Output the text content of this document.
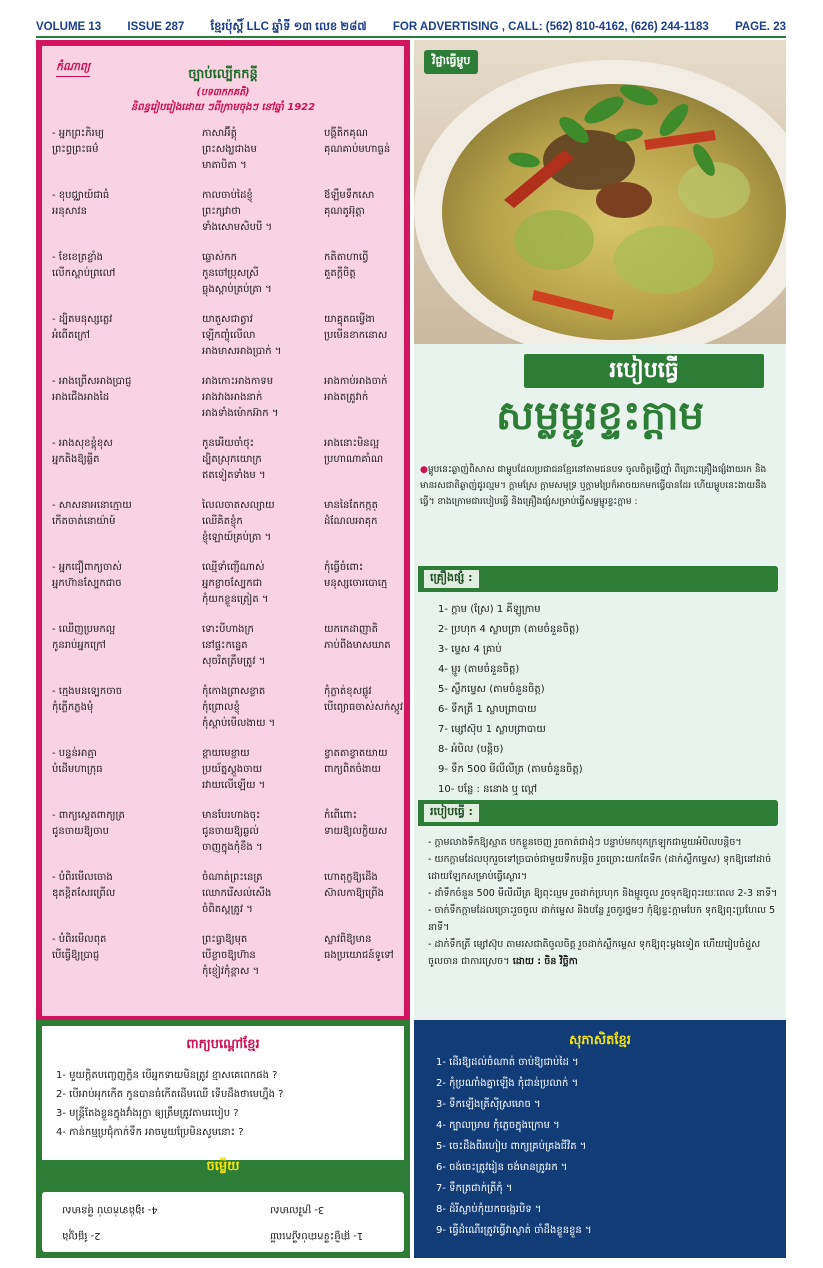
VOLUME 13 ISSUE 287 ខ្មែរប៉ុស្ដិ៍ LLC ឆ្នាំទី ១៣ លេខ ២៨៧ FOR ADVERTISING , CALL: (562) 810-4162, (626) 244-1183 PAGE. 23
កំណាព្យ
ច្បាប់ល្បើកកន្តី
(បទ៣កកគតិ)
និពន្ធរៀបរៀងដោយ ៗពីក្រាមចុងៗ នៅឆ្នាំ 1922
- អ្នកព្រះភិរម្យ
ព្រះព្ធព្រះធម៌
ភាសាអ៊ីត្តុំ
ព្រះសង្ឃជាងម
មាតាបិតា ។
បង្គីតិកគុណ
គុណគាប់មហាធ្ងន់
- ខុបជ្ឈាយ៍ជាធំ
អនុសាវន
កាលចាប់ដៃខ្ញុំ
ព្រះក្សវាថា
ទាំងសោមសិបបី ។
ឪឡឹមទឹកសោ
គុណតូអ៊ុត្តា
- ខែខេត្រខ្លាំង
លើកស្ពាប់ព្រលៅ
ឆ្លោស់កក
កូនចៅប្រុសស្រី
ធ្លុងស្តាប់ត្រប់ត្រា ។
កតិតាហាព្វើ
តួតក្តីចិត្ត
- ដ្បិតមនុស្សត្លេវ
អំពើតក្រៅ
យាតួសជាត្វាវ
ឡើកញ្ចុំលើលា
អាងមាសអាងប្រាក់ ។
យាគ្នុតធម្វើងា
ប្រមើនខាកនោស
- អាងព្រើសអាងប្រាជ្ញ
អាងជើងអាងដៃ
អាងកោះអាងកាទម
អាងវាងអាងនាក់
អាងទាំងម៉ោកអ៊ាក ។
អាងកាប់អាងចាក់
អាងតត្រូវាក់
- អាងសុខខ្ពុំខុស
អ្នកតិងឱ្យឆ្លីត
កូនអើយចាំថុះ
ដ្បិតស្រុកយោក្រ
ឥតទៀតទាំងម ។
អាងនោះមិនល្អ
ប្រហាណាគាំណ
- សាសនាអនោក្មោយ
កើតចាត់នោយ៉ាម៍
លៃលចាតសល្យាយ
ឈើគិតខ្ញុំក
ខ្ញុំឡោយ៍គ្រប់ត្រា ។
មាននៃតែកក្កត្
ដំណែលអាគុក
- អ្នកជឿពាក្យចាស់
អ្នកហ៊ានស្បែកជាច
ឈ្មើទាំញ្ជើណាស់
អ្នកខ្លាចស្បែកជា
កុំយកខ្លួនត្រៀត ។
កុំធ្វើចំពោះ
មនុស្សចោរបោក្មេ
- ឈើញប្រមកល្អ
កូនរាប់អ្នកក្រៅ
ទោះបីហាងក្រ
នៅផ្ទះកន្ទេត
សុចរិតត្រឹមត្រូវ ។
យកកេដាញាតិ
ភាប់ពីងមាសឃាត
- ក្មេងមនទ្បេកចាច
កុំភ្លើកភ្លងមុំ
កុំកោងព្រាសខ្លាត
កុំព្រោលខ្ញុំ
កុំស្តាប់មើលងាយ ។
កុំភ្លាត់ខុសផ្លូវ
បើព្យោធចាស់សក់ស្កូវ
- បន្ទន់អាត្មា
បំដើមហាក្រុធ
ខ្ពាយមេខ្ជាយ
ប្រយ័ត្នស្តួងចាយ
រវាយលើឡើយ ។
ខ្វាតតាខ្វាតយាយ
ពាក្យពិតចំងាយ
- ពាក្យស្លេតពាក្យត្រ
ជូនចាយឱ្យចាប
មានបែរហាងចុះ
ជូនចាយឱ្យឆ្ងល់
ចាញក្នុងកុំខឹង ។
កំពើពោះ
ទាយឱ្យលក្ខិយស
- បំពិរមើលចោង
ឌុតខ្ពិតសែរព្រើល
ចំណាត់ព្រះនេត្រ
ឈោករើសល់សើង
ចំពិតស្តត្រូវ ។
ហោតុក្ខឱ្យដើង
ស៊ាលកាឱ្យព្រើង
- បំពិរមើលពុត
បើធ្វើឱ្យប្រាជ្ញ
ព្រះធ្វាឱ្យមុត
បើខ្លាចឱ្យហ៊ាន
កុំខ្ញៀវកុំខ្ពាស ។
ស្លាវពិឱ្យមាន
ធងប្រយោជន៍ទូទៅ
វិជ្ជាធ្វើម្ហូប
របៀបធ្វើ
សម្លម្ជូរខ្ទះក្តាម
●ម្ហូបនេះឆ្ងាញ់ពិសាស ជាម្ហូបដែលប្រជាជនខ្មែរនៅតាមជនបទ ចូលចិត្តធ្វើញ៉ាំ ពីព្រោះគ្រឿងផ្សំងាយរក និងមានរសជាតិឆ្ងាញ់ជូរល្មម។ ក្តាមស្រែ ក្តាមសមុទ្រ ឬក្តាមប្រៃក៏អាចយកមកធ្វើបានដែរ ហើយម្ហូបនេះងាយនឹងធ្វើ។ ខាងក្រោមជារបៀបធ្វើ និងគ្រឿងផ្សំសម្រាប់ធ្វើសម្លម្ជូរខ្ទះក្តាម :
គ្រឿងផ្សំ :
1- ក្តាម (ស្រែ) 1 គីឡូក្រាម
2- ប្រហុក 4 ស្លាបព្រា (តាមចំនួនចិត្ត)
3- ម្ទេស 4 គ្រាប់
4- ម្ជូរ (តាមចំនួនចិត្ត)
5- ស្លឹកម្ទេស (តាមចំនួនចិត្ត)
6- ទឹកត្រី 1 ស្លាបព្រាបាយ
7- ម្សៅស៊ុប 1 ស្លាបព្រាបាយ
8- អំបិល (បន្តិច)
9- ទឹក 500 មីលីលីត្រ (តាមចំនួនចិត្ត)
10- បន្លែ : ននោង ឬ ល្ពៅ
របៀបធ្វើ :
- ក្តាមលាងទឹកឱ្យស្អាត បកខ្លួនចេញ រួចកាត់ជាដុំៗ បន្ទាប់មកបុកក្រឡុកជាមួយអំបិលបន្តិច។
- យកក្តាមដែលបុករួចទៅច្របាច់ជាមួយទឹកបន្តិច រួចច្រោះយកតែទឹក (ដាក់ស្លឹកម្ទេស) ទុកឱ្យនៅដាច់ដោយឡែកសម្រាប់ធ្វើស្ងោរ។
- ដាំទឹកចំនួន 500 មីលីលីត្រ ឱ្យពុះល្មម រួចដាក់ប្រហុក និងម្ជូរចូល រួចទុកឱ្យពុះរយៈពេល 2-3 នាទី។
- ចាក់ទឹកក្តាមដែលច្រោះរួចចូល ដាក់ម្ទេស និងបន្លែ រួចកូរថ្នមៗ កុំឱ្យខ្ទះក្តាមបែក ទុកឱ្យពុះប្រហែល 5 នាទី។
- ដាក់ទឹកត្រី ម្សៅស៊ុប តាមរសជាតិចូលចិត្ត រួចដាក់ស្លឹកម្ទេស ទុកឱ្យពុះម្តងទៀត ហើយរៀបចំដួសចូលចាន ជាការស្រេច។ ដោយ : ចិន វិច្ឆិកា
ពាក្យបណ្តៅខ្មែរ
1- មួយក្តិតបញ្ចេញក្លិន បើអ្នកទាយមិនត្រូវ ខ្មាសគេពេកផង ?
2- បើអាប់អុកកើត កូនបានធំកើតដើមឈើ ទើបដឹងថាមេហ្នឹង ?
3- មន្ត្រីតែងខ្លួនក្នុងវាំងរុក្ខា ឲ្យត្រឹមត្រូវតាមរបៀប ?
4- កាន់កម្មប្រជុំកាក់ទឹក អាចមួយប្រែមិនសូមនោះ ?
ចម្លើយ
1- ផ្កាម្លិះទឹកជាប់ស្លឹកឈើ
2- ផ្លែល្ហុង
3- ក្រវិលមាស
4- រង្វង់ទាក់ចាប់ ម៉ឺនមាស
សុភាសិតខ្មែរ
1- ដើរឱ្យដល់ចំណាត់ ចាប់ឱ្យជាប់ដៃ ។
2- កុំប្រណាំងគ្នាឡើង កុំជាន់ប្រលាក់ ។
3- ទឹកឡើងត្រីស៊ីស្រមោច ។
4- ក្បាលម្រាម កុំភ្លេចក្នុងក្រោម ។
5- ចេះដឹងពីរហៀប ពាក្យគ្រប់គ្រងជីវិត ។
6- ចង់ចេះត្រូវរៀន ចង់មានត្រូវរក ។
7- ទឹកត្រជាក់ត្រីកុំ ។
8- ដំរីស្លាប់កុំយកចង្អេរបិទ ។
9- ធ្វើដំណើរត្រូវធ្វើវាស្ងាត់ ចាំដឹងខ្លួនខ្លួន ។
